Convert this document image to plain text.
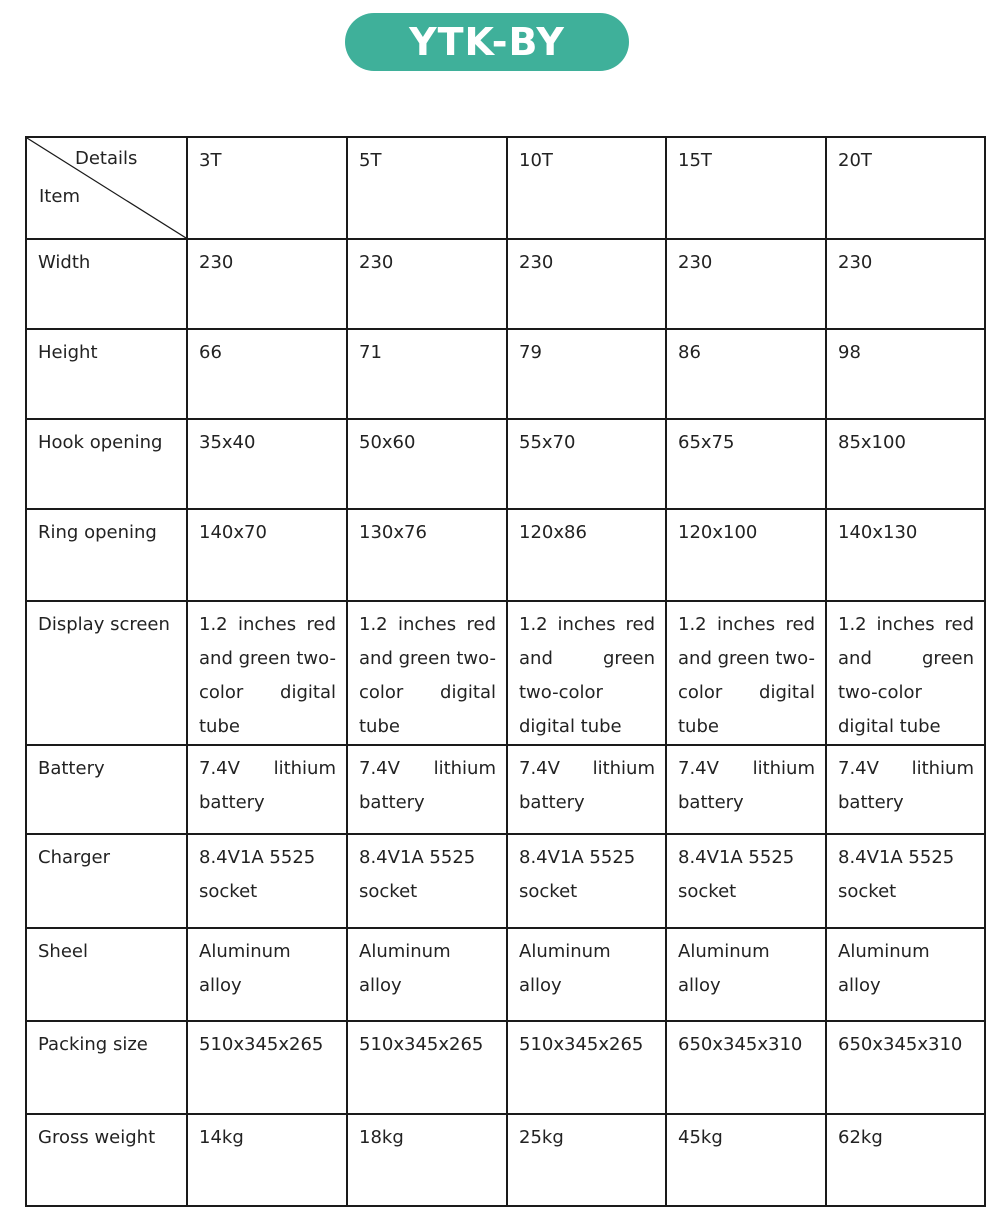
YTK-BY
Details
Item	3T	5T	10T	15T	20T
Width	230	230	230	230	230
Height	66	71	79	86	98
Hook opening	35x40	50x60	55x70	65x75	85x100
Ring opening	140x70	130x76	120x86	120x100	140x130
Display screen	1.2 inches red and green two-color digital tube	1.2 inches red and green two-color digital tube	1.2 inches red and green two-color digital tube	1.2 inches red and green two-color digital tube	1.2 inches red and green two-color digital tube

Battery	7.4V lithium battery	7.4V lithium battery	7.4V lithium battery	7.4V lithium battery	7.4V lithium battery

Charger	8.4V1A 5525 socket	8.4V1A 5525 socket	8.4V1A 5525 socket	8.4V1A 5525 socket	8.4V1A 5525 socket

Sheel	Aluminum alloy	Aluminum alloy	Aluminum alloy	Aluminum alloy	Aluminum alloy

Packing size	510x345x265	510x345x265	510x345x265	650x345x310	650x345x310
Gross weight	14kg	18kg	25kg	45kg	62kg
